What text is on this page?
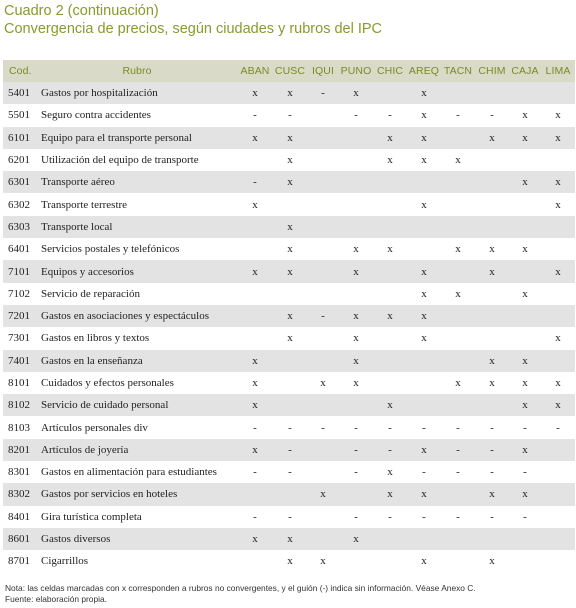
Cuadro 2 (continuación)
Convergencia de precios, según ciudades y rubros del IPC
Cod.	Rubro	ABAN	CUSC	IQUI	PUNO	CHIC	AREQ	TACN	CHIM	CAJA	LIMA
5401	Gastos por hospitalización	x	x	-	x		x				
5501	Seguro contra accidentes	-	-		-	-	x	-	-	x	x
6101	Equipo para el transporte personal	x	x			x	x		x	x	x
6201	Utilización del equipo de transporte		x			x	x	x			
6301	Transporte aéreo	-	x							x	x
6302	Transporte terrestre	x					x				x
6303	Transporte local		x								
6401	Servicios postales y telefónicos		x		x	x		x	x	x	
7101	Equipos y accesorios	x	x		x		x		x		x
7102	Servicio de reparación						x	x		x	
7201	Gastos en asociaciones y espectáculos		x	-	x	x	x				
7301	Gastos en libros y textos		x		x		x				x
7401	Gastos en la enseñanza	x			x				x	x	
8101	Cuidados y efectos personales	x		x	x			x	x	x	x
8102	Servicio de cuidado personal	x				x				x	x
8103	Artículos personales div	-	-	-	-	-	-	-	-	-	-
8201	Artículos de joyería	x	-		-	-	x	-	-	x	
8301	Gastos en alimentación para estudiantes	-	-		-	x	-	-	-	-	
8302	Gastos por servicios en hoteles			x		x	x		x	x	
8401	Gira turística completa	-	-		-	-	-	-	-	-	
8601	Gastos diversos	x	x		x						
8701	Cigarrillos		x	x			x		x		
Nota: las celdas marcadas con x corresponden a rubros no convergentes, y el guión (-) indica sin información. Véase Anexo C.
Fuente: elaboración propia.
